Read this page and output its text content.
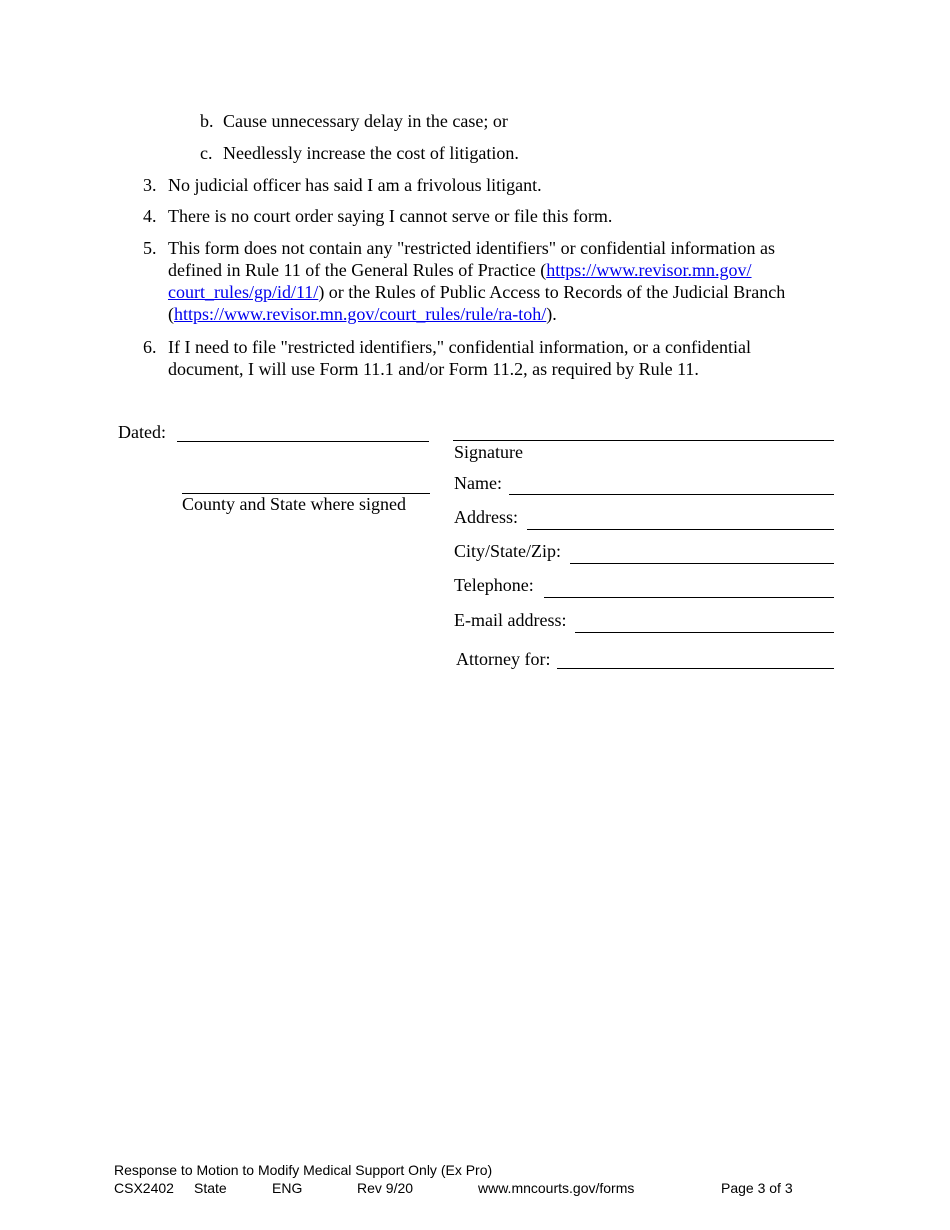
b. Cause unnecessary delay in the case; or
c. Needlessly increase the cost of litigation.
3. No judicial officer has said I am a frivolous litigant.
4. There is no court order saying I cannot serve or file this form.
5. This form does not contain any "restricted identifiers" or confidential information as
defined in Rule 11 of the General Rules of Practice (https://www.revisor.mn.gov/
court_rules/gp/id/11/) or the Rules of Public Access to Records of the Judicial Branch
(https://www.revisor.mn.gov/court_rules/rule/ra-toh/).
6. If I need to file "restricted identifiers," confidential information, or a confidential
document, I will use Form 11.1 and/or Form 11.2, as required by Rule 11.
Dated:
County and State where signed
Signature
Name:
Address:
City/State/Zip:
Telephone:
E-mail address:
Attorney for:
Response to Motion to Modify Medical Support Only (Ex Pro)
CSX2402 State	ENG	Rev 9/20	www.mncourts.gov/forms	Page 3 of 3
